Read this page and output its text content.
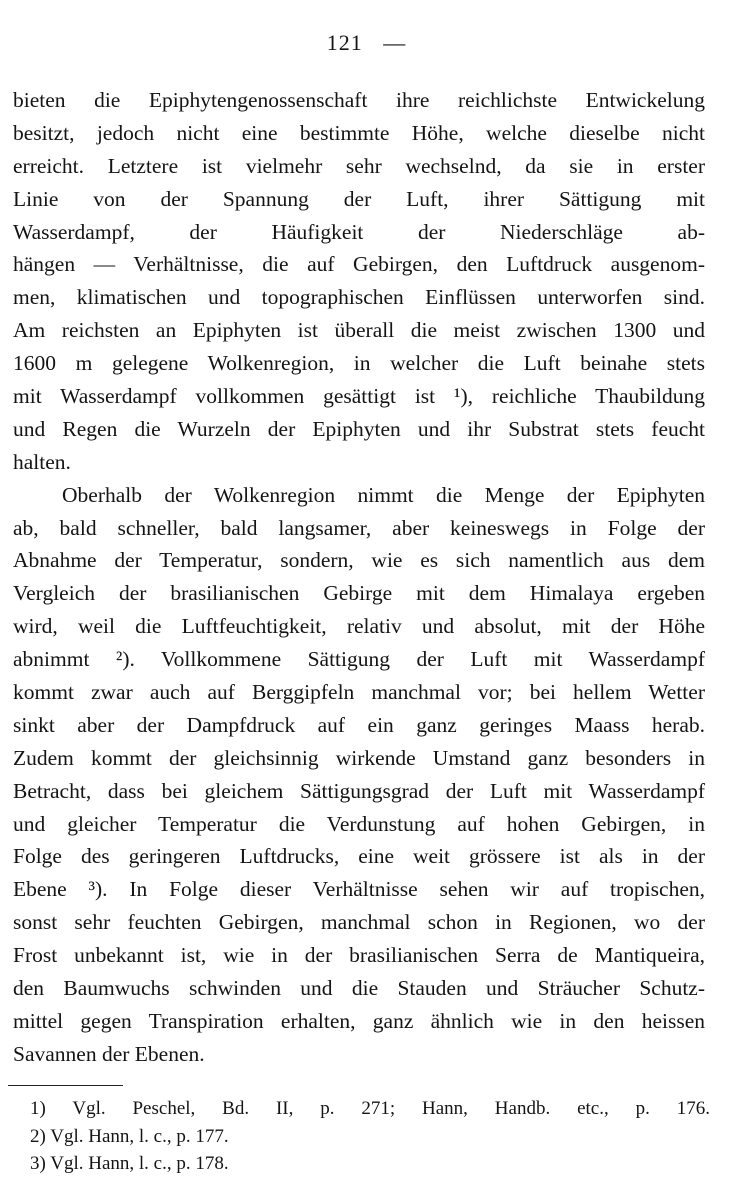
121 —
bieten die Epiphytengenossenschaft ihre reichlichste Entwickelung
besitzt, jedoch nicht eine bestimmte Höhe, welche dieselbe nicht
erreicht. Letztere ist vielmehr sehr wechselnd, da sie in erster
Linie von der Spannung der Luft, ihrer Sättigung mit
Wasserdampf, der Häufigkeit der Niederschläge ab-
hängen — Verhältnisse, die auf Gebirgen, den Luftdruck ausgenom-
men, klimatischen und topographischen Einflüssen unterworfen sind.
Am reichsten an Epiphyten ist überall die meist zwischen 1300 und
1600 m gelegene Wolkenregion, in welcher die Luft beinahe stets
mit Wasserdampf vollkommen gesättigt ist ¹), reichliche Thaubildung
und Regen die Wurzeln der Epiphyten und ihr Substrat stets feucht
halten.
Oberhalb der Wolkenregion nimmt die Menge der Epiphyten
ab, bald schneller, bald langsamer, aber keineswegs in Folge der
Abnahme der Temperatur, sondern, wie es sich namentlich aus dem
Vergleich der brasilianischen Gebirge mit dem Himalaya ergeben
wird, weil die Luftfeuchtigkeit, relativ und absolut, mit der Höhe
abnimmt ²). Vollkommene Sättigung der Luft mit Wasserdampf
kommt zwar auch auf Berggipfeln manchmal vor; bei hellem Wetter
sinkt aber der Dampfdruck auf ein ganz geringes Maass herab.
Zudem kommt der gleichsinnig wirkende Umstand ganz besonders in
Betracht, dass bei gleichem Sättigungsgrad der Luft mit Wasserdampf
und gleicher Temperatur die Verdunstung auf hohen Gebirgen, in
Folge des geringeren Luftdrucks, eine weit grössere ist als in der
Ebene ³). In Folge dieser Verhältnisse sehen wir auf tropischen,
sonst sehr feuchten Gebirgen, manchmal schon in Regionen, wo der
Frost unbekannt ist, wie in der brasilianischen Serra de Mantiqueira,
den Baumwuchs schwinden und die Stauden und Sträucher Schutz-
mittel gegen Transpiration erhalten, ganz ähnlich wie in den heissen
Savannen der Ebenen.
1) Vgl. Peschel, Bd. II, p. 271; Hann, Handb. etc., p. 176.
2) Vgl. Hann, l. c., p. 177.
3) Vgl. Hann, l. c., p. 178.
